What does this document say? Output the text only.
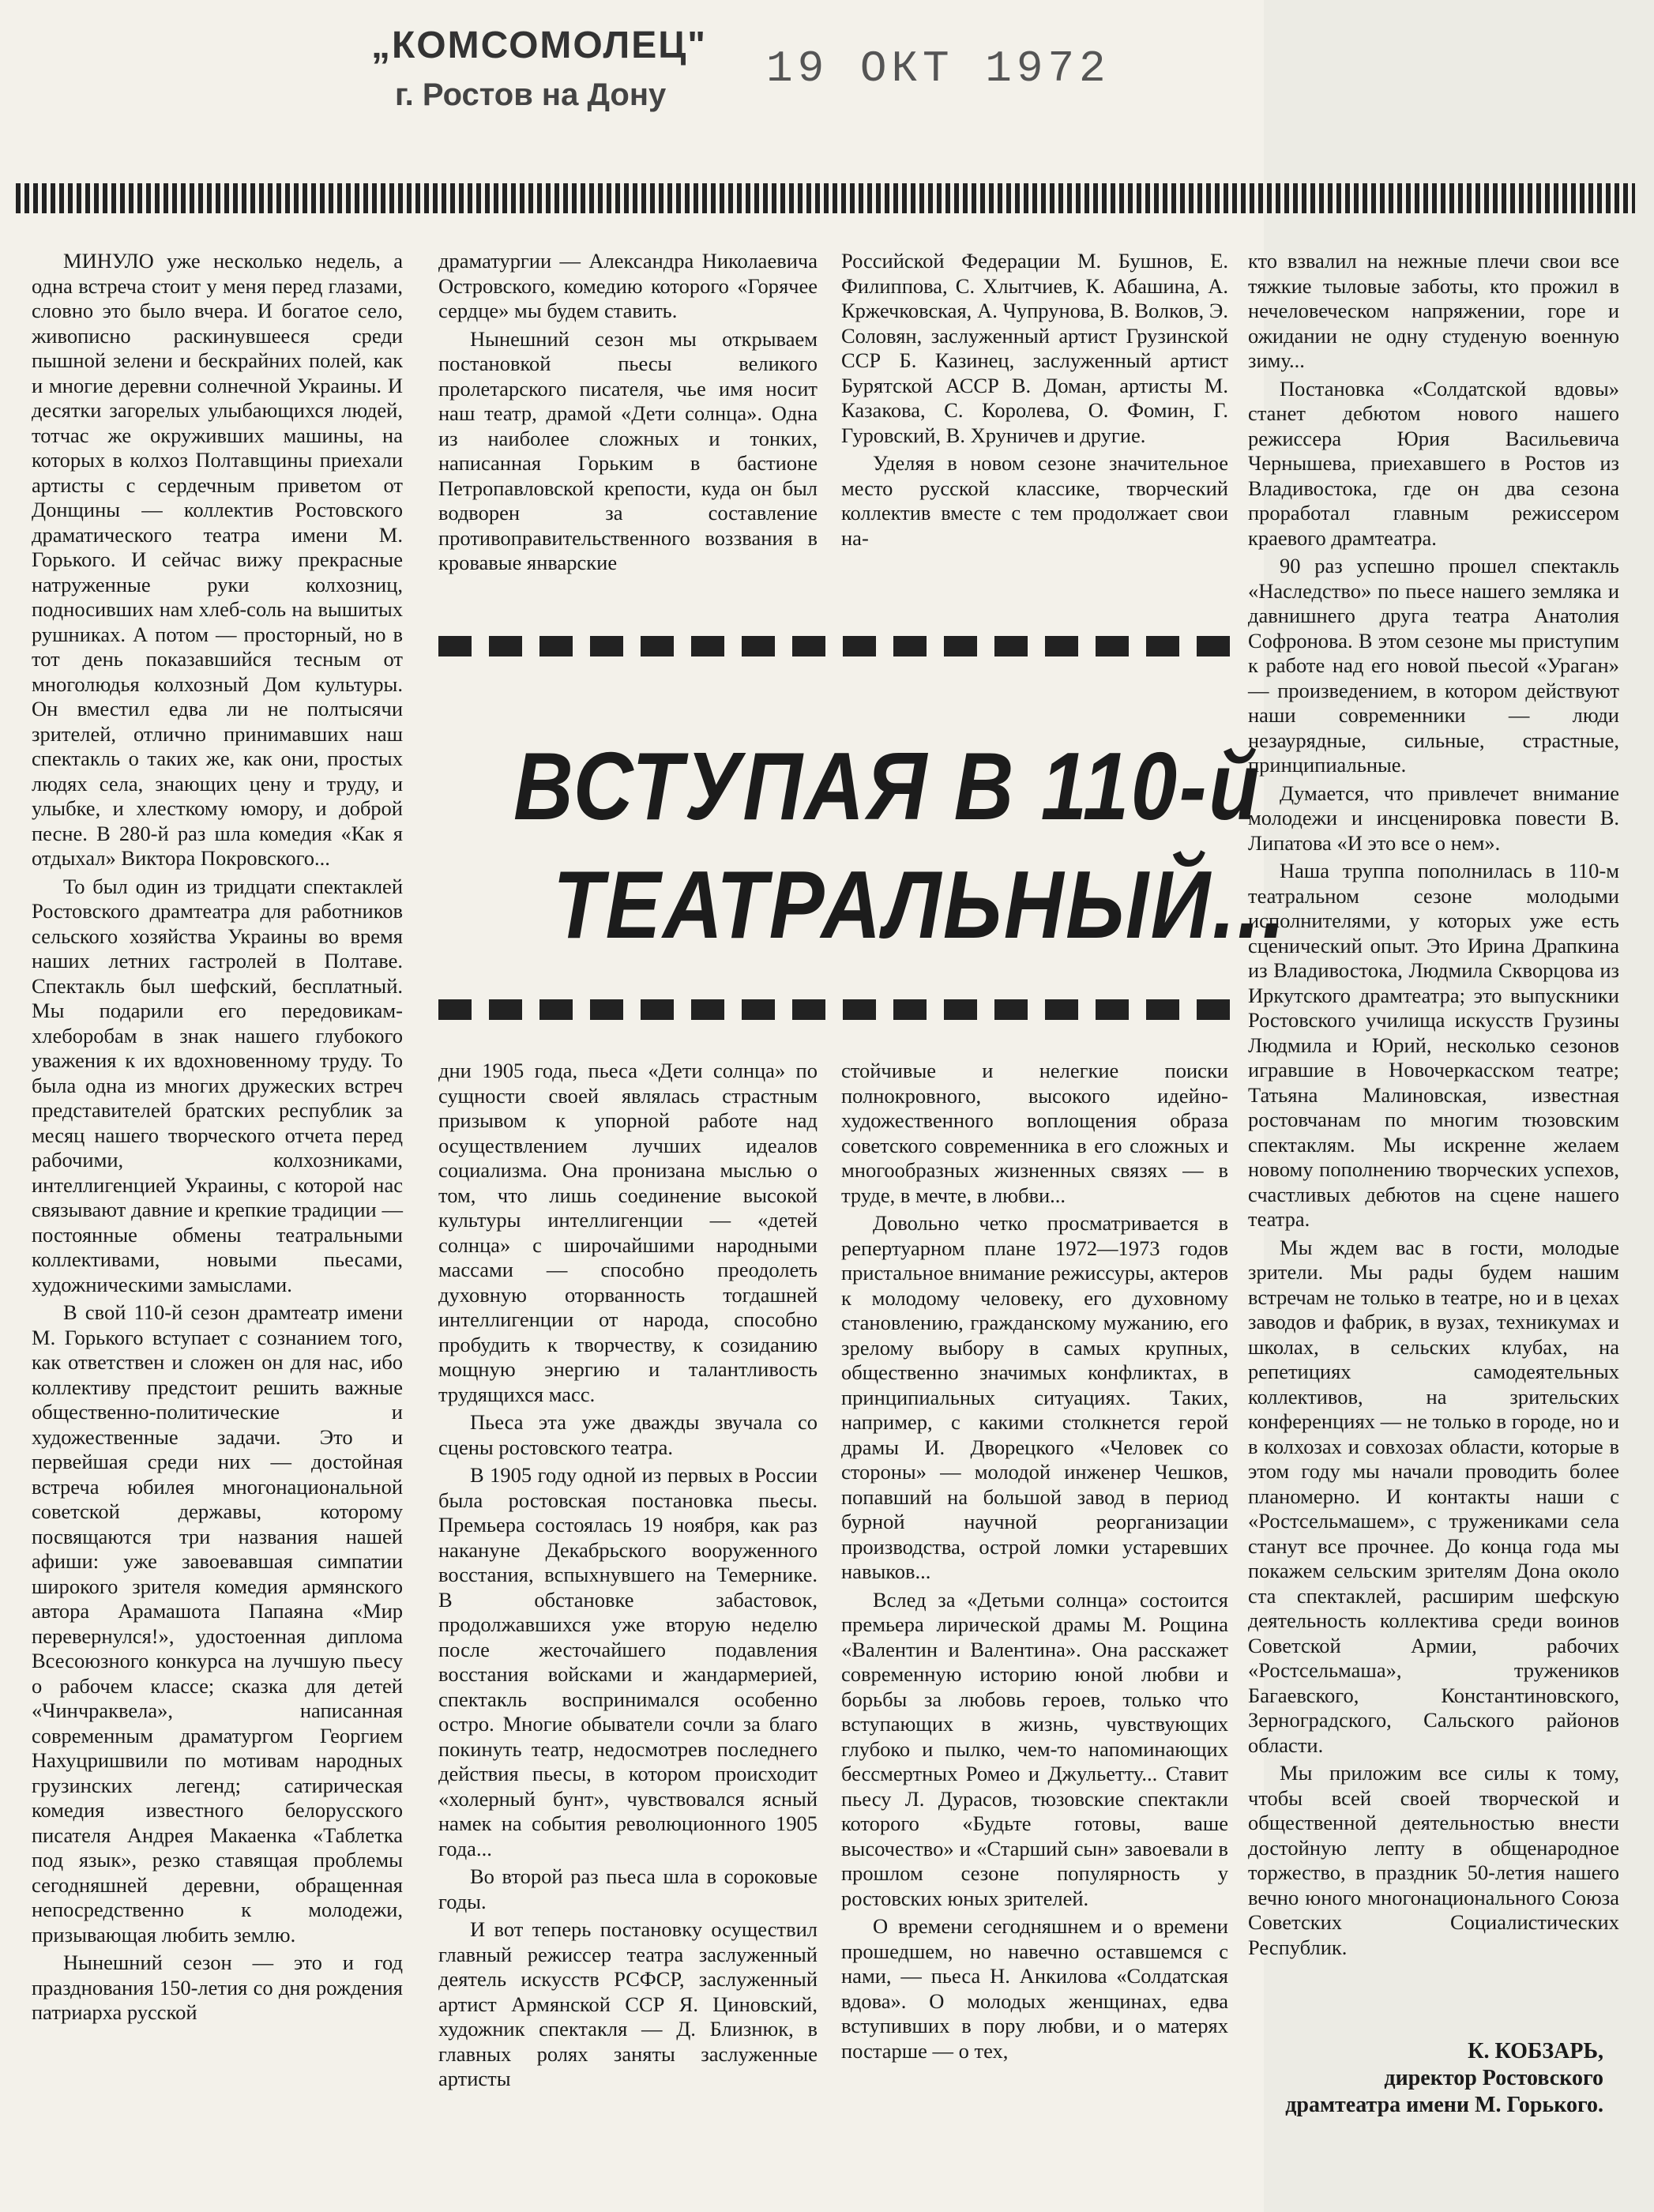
„КОМСОМОЛЕЦ"
г. Ростов на Дону
19 ОКТ 1972

МИНУЛО уже несколько недель, а одна встреча стоит у меня перед глазами, словно это было вчера. И богатое село, живописно раскинувшееся среди пышной зелени и бескрайних полей, как и многие деревни солнечной Украины. И десятки загорелых улыбающихся людей, тотчас же окруживших машины, на которых в колхоз Полтавщины приехали артисты с сердечным приветом от Донщины — коллектив Ростовского драматического театра имени М. Горького. И сейчас вижу прекрасные натруженные руки колхозниц, подносивших нам хлеб-соль на вышитых рушниках. А потом — просторный, но в тот день показавшийся тесным от многолюдья колхозный Дом культуры. Он вместил едва ли не полтысячи зрителей, отлично принимавших наш спектакль о таких же, как они, простых людях села, знающих цену и труду, и улыбке, и хлесткому юмору, и доброй песне. В 280-й раз шла комедия «Как я отдыхал» Виктора Покровского...

То был один из тридцати спектаклей Ростовского драмтеатра для работников сельского хозяйства Украины во время наших летних гастролей в Полтаве. Спектакль был шефский, бесплатный. Мы подарили его передовикам-хлеборобам в знак нашего глубокого уважения к их вдохновенному труду. То была одна из многих дружеских встреч представителей братских республик за месяц нашего творческого отчета перед рабочими, колхозниками, интеллигенцией Украины, с которой нас связывают давние и крепкие традиции — постоянные обмены театральными коллективами, новыми пьесами, художническими замыслами.

В свой 110-й сезон драмтеатр имени М. Горького вступает с сознанием того, как ответствен и сложен он для нас, ибо коллективу предстоит решить важные общественно-политические и художественные задачи. Это и первейшая среди них — достойная встреча юбилея многонациональной советской державы, которому посвящаются три названия нашей афиши: уже завоевавшая симпатии широкого зрителя комедия армянского автора Арамашота Папаяна «Мир перевернулся!», удостоенная диплома Всесоюзного конкурса на лучшую пьесу о рабочем классе; сказка для детей «Чинчраквела», написанная современным драматургом Георгием Нахуцришвили по мотивам народных грузинских легенд; сатирическая комедия известного белорусского писателя Андрея Макаенка «Таблетка под язык», резко ставящая проблемы сегодняшней деревни, обращенная непосредственно к молодежи, призывающая любить землю.

Нынешний сезон — это и год празднования 150-летия со дня рождения патриарха русской

драматургии — Александра Николаевича Островского, комедию которого «Горячее сердце» мы будем ставить.

Нынешний сезон мы открываем постановкой пьесы великого пролетарского писателя, чье имя носит наш театр, драмой «Дети солнца». Одна из наиболее сложных и тонких, написанная Горьким в бастионе Петропавловской крепости, куда он был водворен за составление противоправительственного воззвания в кровавые январские

Российской Федерации М. Бушнов, Е. Филиппова, С. Хлытчиев, К. Абашина, А. Кржечковская, А. Чупрунова, В. Волков, Э. Соловян, заслуженный артист Грузинской ССР Б. Казинец, заслуженный артист Бурятской АССР В. Доман, артисты М. Казакова, С. Королева, О. Фомин, Г. Гуровский, В. Хруничев и другие.

Уделяя в новом сезоне значительное место русской классике, творческий коллектив вместе с тем продолжает свои на-

ВСТУПАЯ В 110-й
ТЕАТРАЛЬНЫЙ...

дни 1905 года, пьеса «Дети солнца» по сущности своей являлась страстным призывом к упорной работе над осуществлением лучших идеалов социализма. Она пронизана мыслью о том, что лишь соединение высокой культуры интеллигенции — «детей солнца» с широчайшими народными массами — способно преодолеть духовную оторванность тогдашней интеллигенции от народа, способно пробудить к творчеству, к созиданию мощную энергию и талантливость трудящихся масс.

Пьеса эта уже дважды звучала со сцены ростовского театра.

В 1905 году одной из первых в России была ростовская постановка пьесы. Премьера состоялась 19 ноября, как раз накануне Декабрьского вооруженного восстания, вспыхнувшего на Темернике. В обстановке забастовок, продолжавшихся уже вторую неделю после жесточайшего подавления восстания войсками и жандармерией, спектакль воспринимался особенно остро. Многие обыватели сочли за благо покинуть театр, недосмотрев последнего действия пьесы, в котором происходит «холерный бунт», чувствовался ясный намек на события революционного 1905 года...

Во второй раз пьеса шла в сороковые годы.

И вот теперь постановку осуществил главный режиссер театра заслуженный деятель искусств РСФСР, заслуженный артист Армянской ССР Я. Циновский, художник спектакля — Д. Близнюк, в главных ролях заняты заслуженные артисты

стойчивые и нелегкие поиски полнокровного, высокого идейно-художественного воплощения образа советского современника в его сложных и многообразных жизненных связях — в труде, в мечте, в любви...

Довольно четко просматривается в репертуарном плане 1972—1973 годов пристальное внимание режиссуры, актеров к молодому человеку, его духовному становлению, гражданскому мужанию, его зрелому выбору в самых крупных, общественно значимых конфликтах, в принципиальных ситуациях. Таких, например, с какими столкнется герой драмы И. Дворецкого «Человек со стороны» — молодой инженер Чешков, попавший на большой завод в период бурной научной реорганизации производства, острой ломки устаревших навыков...

Вслед за «Детьми солнца» состоится премьера лирической драмы М. Рощина «Валентин и Валентина». Она расскажет современную историю юной любви и борьбы за любовь героев, только что вступающих в жизнь, чувствующих глубоко и пылко, чем-то напоминающих бессмертных Ромео и Джульетту... Ставит пьесу Л. Дурасов, тюзовские спектакли которого «Будьте готовы, ваше высочество» и «Старший сын» завоевали в прошлом сезоне популярность у ростовских юных зрителей.

О времени сегодняшнем и о времени прошедшем, но навечно оставшемся с нами, — пьеса Н. Анкилова «Солдатская вдова». О молодых женщинах, едва вступивших в пору любви, и о матерях постарше — о тех,

кто взвалил на нежные плечи свои все тяжкие тыловые заботы, кто прожил в нечеловеческом напряжении, горе и ожидании не одну студеную военную зиму...

Постановка «Солдатской вдовы» станет дебютом нового нашего режиссера Юрия Васильевича Чернышева, приехавшего в Ростов из Владивостока, где он два сезона проработал главным режиссером краевого драмтеатра.

90 раз успешно прошел спектакль «Наследство» по пьесе нашего земляка и давнишнего друга театра Анатолия Софронова. В этом сезоне мы приступим к работе над его новой пьесой «Ураган» — произведением, в котором действуют наши современники — люди незаурядные, сильные, страстные, принципиальные.

Думается, что привлечет внимание молодежи и инсценировка повести В. Липатова «И это все о нем».

Наша труппа пополнилась в 110-м театральном сезоне молодыми исполнителями, у которых уже есть сценический опыт. Это Ирина Драпкина из Владивостока, Людмила Скворцова из Иркутского драмтеатра; это выпускники Ростовского училища искусств Грузины Людмила и Юрий, несколько сезонов игравшие в Новочеркасском театре; Татьяна Малиновская, известная ростовчанам по многим тюзовским спектаклям. Мы искренне желаем новому пополнению творческих успехов, счастливых дебютов на сцене нашего театра.

Мы ждем вас в гости, молодые зрители. Мы рады будем нашим встречам не только в театре, но и в цехах заводов и фабрик, в вузах, техникумах и школах, в сельских клубах, на репетициях самодеятельных коллективов, на зрительских конференциях — не только в городе, но и в колхозах и совхозах области, которые в этом году мы начали проводить более планомерно. И контакты наши с «Ростсельмашем», с тружениками села станут все прочнее. До конца года мы покажем сельским зрителям Дона около ста спектаклей, расширим шефскую деятельность коллектива среди воинов Советской Армии, рабочих «Ростсельмаша», тружеников Багаевского, Константиновского, Зерноградского, Сальского районов области.

Мы приложим все силы к тому, чтобы всей своей творческой и общественной деятельностью внести достойную лепту в общенародное торжество, в праздник 50-летия нашего вечно юного многонационального Союза Советских Социалистических Республик.

К. КОБЗАРЬ,
директор Ростовского драмтеатра имени М. Горького.
